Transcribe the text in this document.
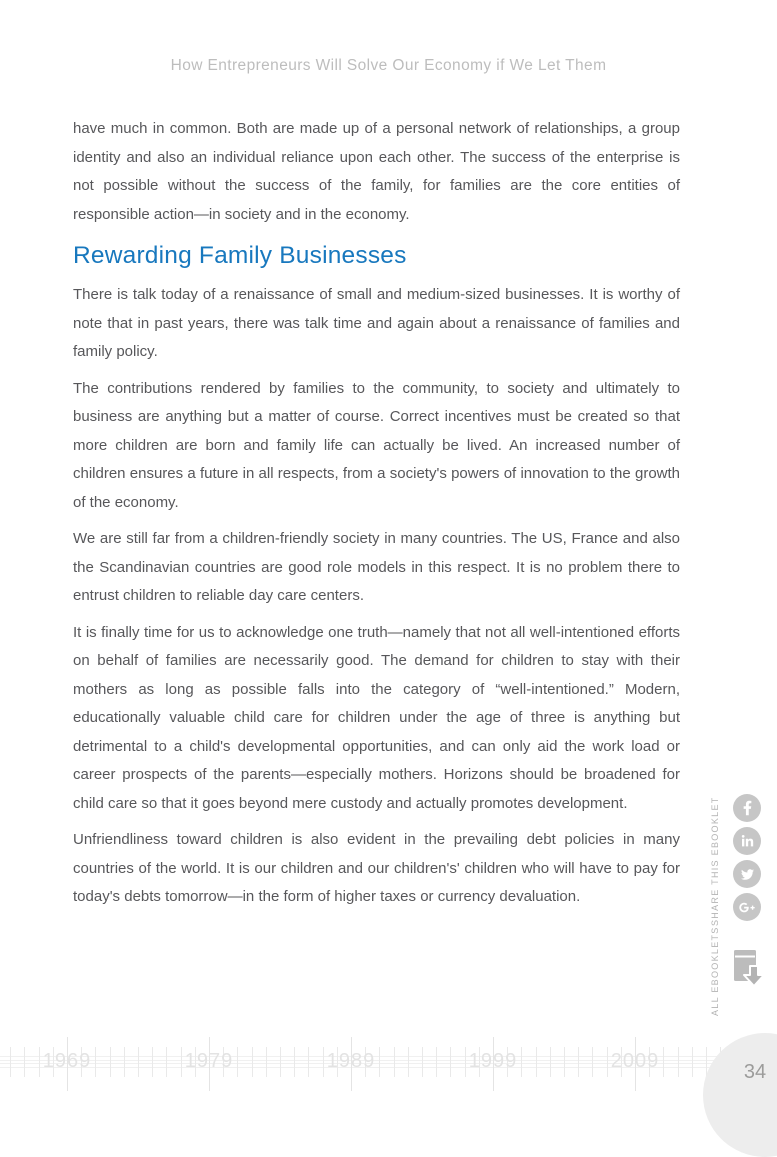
How Entrepreneurs Will Solve Our Economy if We Let Them

have much in common. Both are made up of a personal network of relationships, a group identity and also an individual reliance upon each other. The success of the enterprise is not possible without the success of the family, for families are the core entities of responsible action—in society and in the economy.

Rewarding Family Businesses

There is talk today of a renaissance of small and medium-sized businesses. It is worthy of note that in past years, there was talk time and again about a renaissance of families and family policy.

The contributions rendered by families to the community, to society and ultimately to business are anything but a matter of course. Correct incentives must be created so that more children are born and family life can actually be lived. An increased number of children ensures a future in all respects, from a society's powers of innovation to the growth of the economy.

We are still far from a children-friendly society in many countries. The US, France and also the Scandinavian countries are good role models in this respect. It is no problem there to entrust children to reliable day care centers.

It is finally time for us to acknowledge one truth—namely that not all well-intentioned efforts on behalf of families are necessarily good. The demand for children to stay with their mothers as long as possible falls into the category of “well-intentioned.” Modern, educationally valuable child care for children under the age of three is anything but detrimental to a child's developmental opportunities, and can only aid the work load or career prospects of the parents—especially mothers. Horizons should be broadened for child care so that it goes beyond mere custody and actually promotes development.

Unfriendliness toward children is also evident in the prevailing debt policies in many countries of the world. It is our children and our children's' children who will have to pay for today's debts tomorrow—in the form of higher taxes or currency devaluation.	SHARE THIS EBOOKLET
ALL EBOOKLETS
1969	1979	1989	1999	2009	34
